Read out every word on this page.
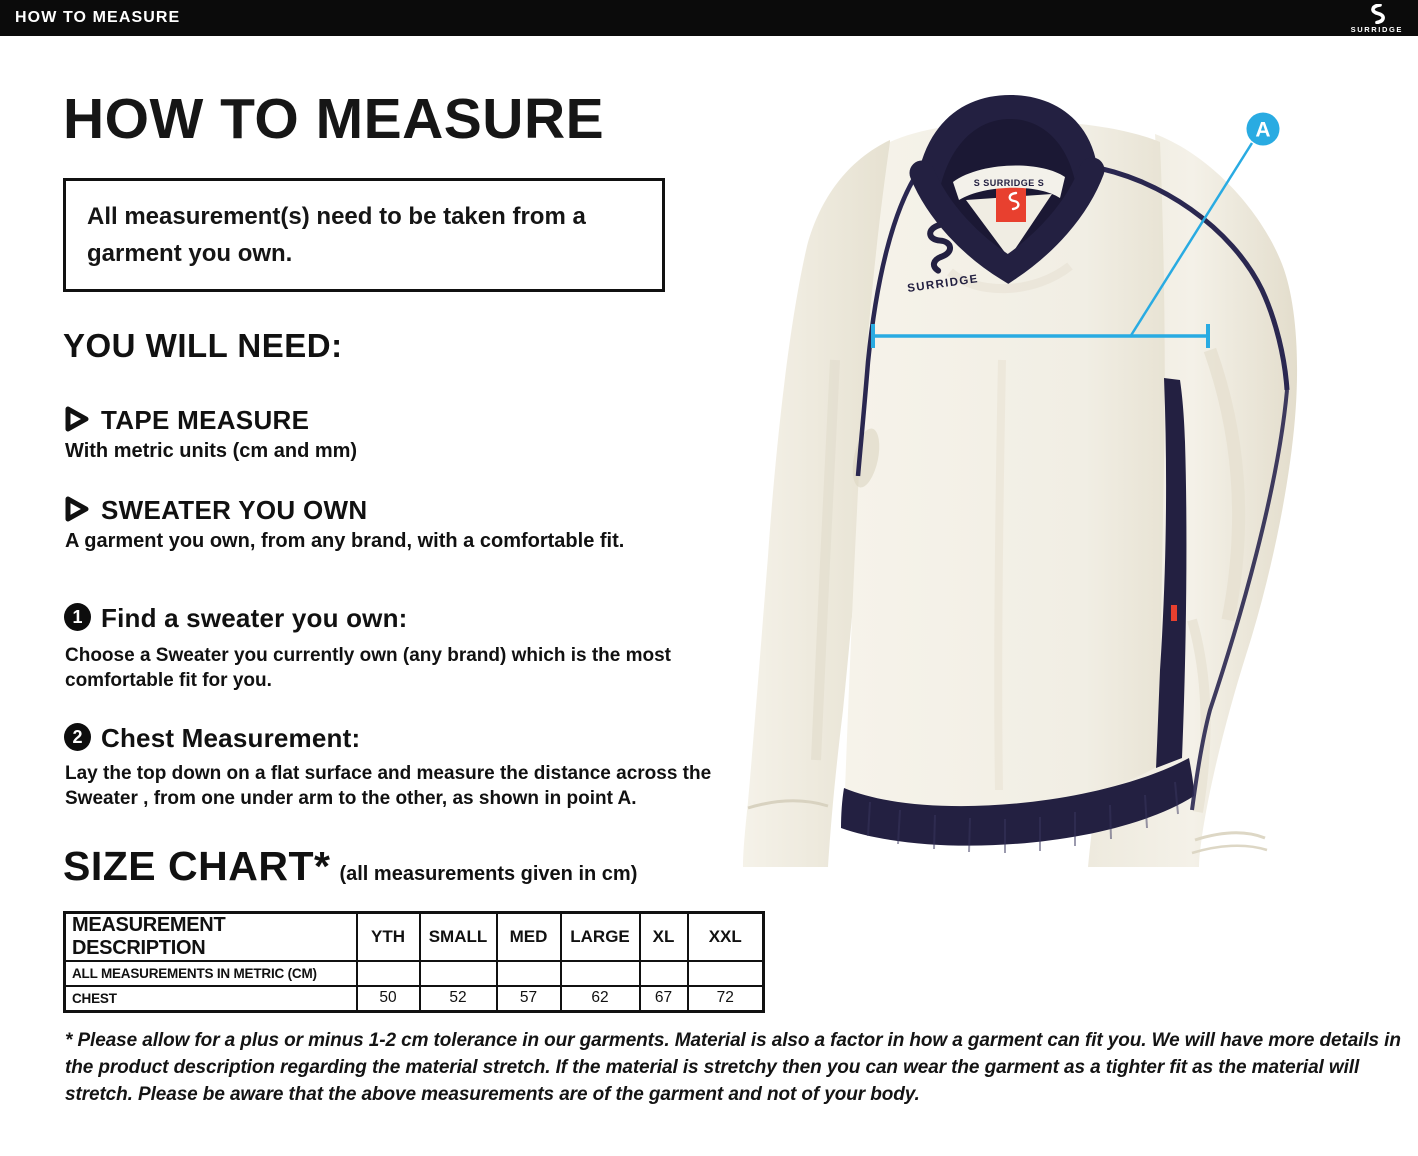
HOW TO MEASURE
SURRIDGE
HOW TO MEASURE
All measurement(s) need to be taken from a garment you own.
YOU WILL NEED:
TAPE MEASURE
With metric units (cm and mm)
SWEATER YOU OWN
A garment you own, from any brand, with a comfortable fit.
1 Find a sweater you own:
Choose a Sweater you currently own (any brand) which is the most comfortable fit for you.
2 Chest Measurement:
Lay the top down on a flat surface and measure the distance across the Sweater , from one under arm to the other, as shown in point A.
SIZE CHART* (all measurements given in cm)
MEASUREMENT DESCRIPTION	YTH	SMALL	MED	LARGE	XL	XXL
ALL MEASUREMENTS IN METRIC (CM)						
CHEST	50	52	57	62	67	72
* Please allow for a plus or minus 1-2 cm tolerance in our garments. Material is also a factor in how a garment can fit you. We will have more details in the product description regarding the material stretch. If the material is stretchy then you can wear the garment as a tighter fit as the material will stretch. Please be aware that the above measurements are of the garment and not of your body.
S SURRIDGE S
SURRIDGE
A
